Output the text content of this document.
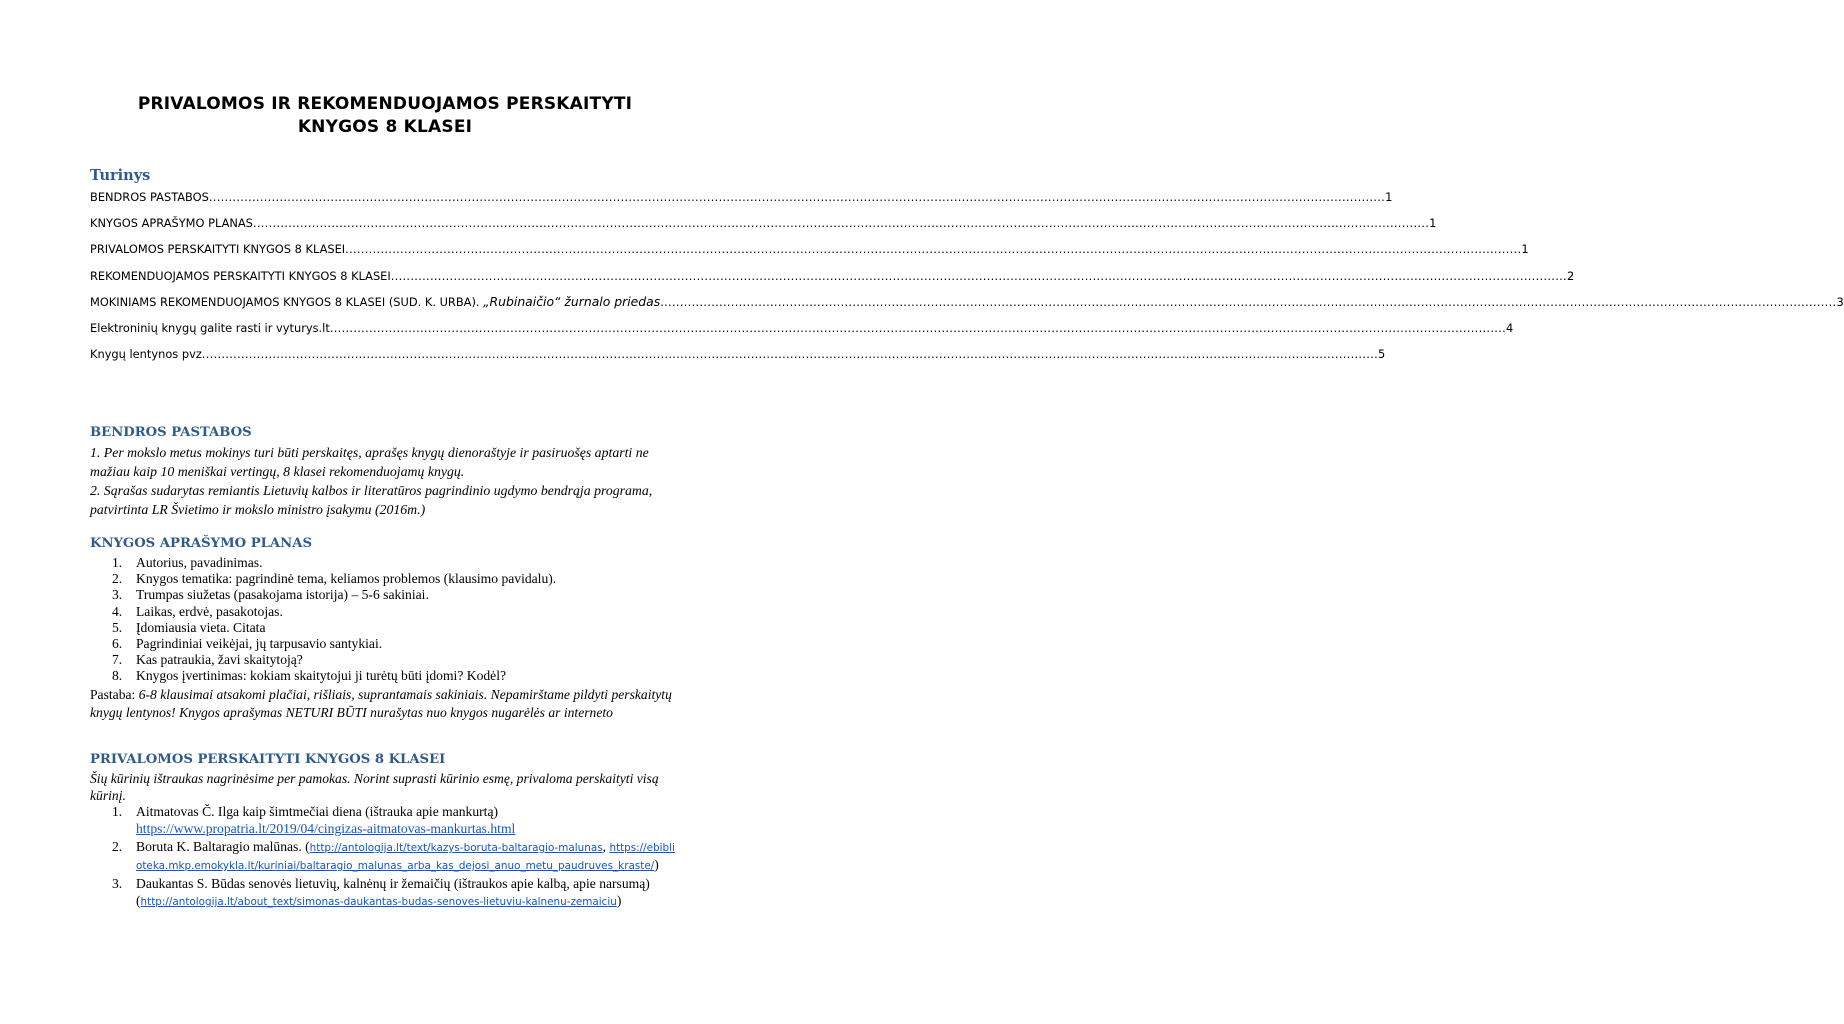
PRIVALOMOS IR REKOMENDUOJAMOS PERSKAITYTI
KNYGOS 8 KLASEI
Turinys
BENDROS PASTABOS ............................................................................................................................................................................................................................................................................................................ 1
KNYGOS APRAŠYMO PLANAS ............................................................................................................................................................................................................................................................................................................ 1
PRIVALOMOS PERSKAITYTI KNYGOS 8 KLASEI ............................................................................................................................................................................................................................................................................................................ 1
REKOMENDUOJAMOS PERSKAITYTI KNYGOS 8 KLASEI ............................................................................................................................................................................................................................................................................................................ 2
MOKINIAMS REKOMENDUOJAMOS KNYGOS 8 KLASEI (SUD. K. URBA). „Rubinaičio“ žurnalo priedas ............................................................................................................................................................................................................................................................................................................ 3
Elektroninių knygų galite rasti ir vyturys.lt ............................................................................................................................................................................................................................................................................................................ 4
Knygų lentynos pvz ............................................................................................................................................................................................................................................................................................................ 5
BENDROS PASTABOS

1. Per mokslo metus mokinys turi būti perskaitęs, aprašęs knygų dienoraštyje ir pasiruošęs aptarti ne mažiau kaip 10 meniškai vertingų, 8 klasei rekomenduojamų knygų.

2. Sąrašas sudarytas remiantis Lietuvių kalbos ir literatūros pagrindinio ugdymo bendrąja programa, patvirtinta LR Švietimo ir mokslo ministro įsakymu (2016m.)

KNYGOS APRAŠYMO PLANAS
1. Autorius, pavadinimas.
2. Knygos tematika: pagrindinė tema, keliamos problemos (klausimo pavidalu).
3. Trumpas siužetas (pasakojama istorija) – 5-6 sakiniai.
4. Laikas, erdvė, pasakotojas.
5. Įdomiausia vieta. Citata
6. Pagrindiniai veikėjai, jų tarpusavio santykiai.
7. Kas patraukia, žavi skaitytoją?
8. Knygos įvertinimas: kokiam skaitytojui ji turėtų būti įdomi? Kodėl?
Pastaba: 6-8 klausimai atsakomi plačiai, rišliais, suprantamais sakiniais. Nepamirštame pildyti perskaitytų knygų lentynos! Knygos aprašymas NETURI BŪTI nurašytas nuo knygos nugarėlės ar interneto
PRIVALOMOS PERSKAITYTI KNYGOS 8 KLASEI
Šių kūrinių ištraukas nagrinėsime per pamokas. Norint suprasti kūrinio esmę, privaloma perskaityti visą kūrinį.
1. Aitmatovas Č. Ilga kaip šimtmečiai diena (ištrauka apie mankurtą)
https://www.propatria.lt/2019/04/cingizas-aitmatovas-mankurtas.html
2. Boruta K. Baltaragio malūnas. (http://antologija.lt/text/kazys-boruta-baltaragio-malunas, https://ebiblioteka.mkp.emokykla.lt/kuriniai/baltaragio_malunas_arba_kas_dejosi_anuo_metu_paudruves_kraste/)
3. Daukantas S. Būdas senovės lietuvių, kalnėnų ir žemaičių (ištraukos apie kalbą, apie narsumą)
(http://antologija.lt/about_text/simonas-daukantas-budas-senoves-lietuviu-kalnenu-zemaiciu)
